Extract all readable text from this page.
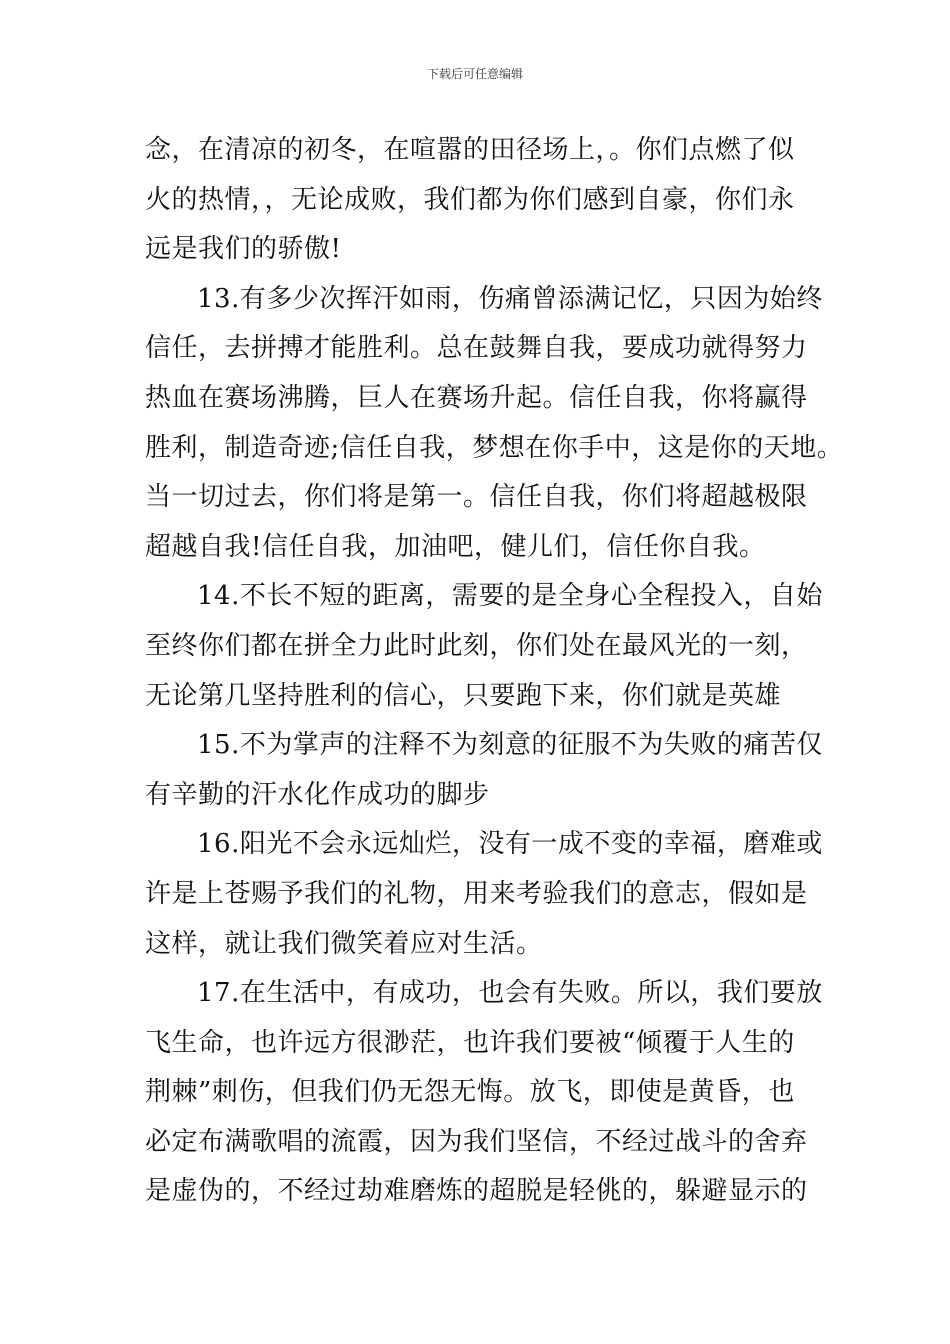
下载后可任意编辑
念，在清凉的初冬，在喧嚣的田径场上，。你们点燃了似
火的热情，，无论成败，我们都为你们感到自豪，你们永
远是我们的骄傲!
13.有多少次挥汗如雨，伤痛曾添满记忆，只因为始终
信任，去拼搏才能胜利。总在鼓舞自我，要成功就得努力
热血在赛场沸腾，巨人在赛场升起。信任自我，你将赢得
胜利，制造奇迹;信任自我，梦想在你手中，这是你的天地。
当一切过去，你们将是第一。信任自我，你们将超越极限
超越自我!信任自我，加油吧，健儿们，信任你自我。
14.不长不短的距离，需要的是全身心全程投入，自始
至终你们都在拼全力此时此刻，你们处在最风光的一刻，
无论第几坚持胜利的信心，只要跑下来，你们就是英雄
15.不为掌声的注释不为刻意的征服不为失败的痛苦仅
有辛勤的汗水化作成功的脚步
16.阳光不会永远灿烂，没有一成不变的幸福，磨难或
许是上苍赐予我们的礼物，用来考验我们的意志，假如是
这样，就让我们微笑着应对生活。
17.在生活中，有成功，也会有失败。所以，我们要放
飞生命，也许远方很渺茫，也许我们要被“倾覆于人生的
荆棘”刺伤，但我们仍无怨无悔。放飞，即使是黄昏，也
必定布满歌唱的流霞，因为我们坚信，不经过战斗的舍弃
是虚伪的，不经过劫难磨炼的超脱是轻佻的，躲避显示的
